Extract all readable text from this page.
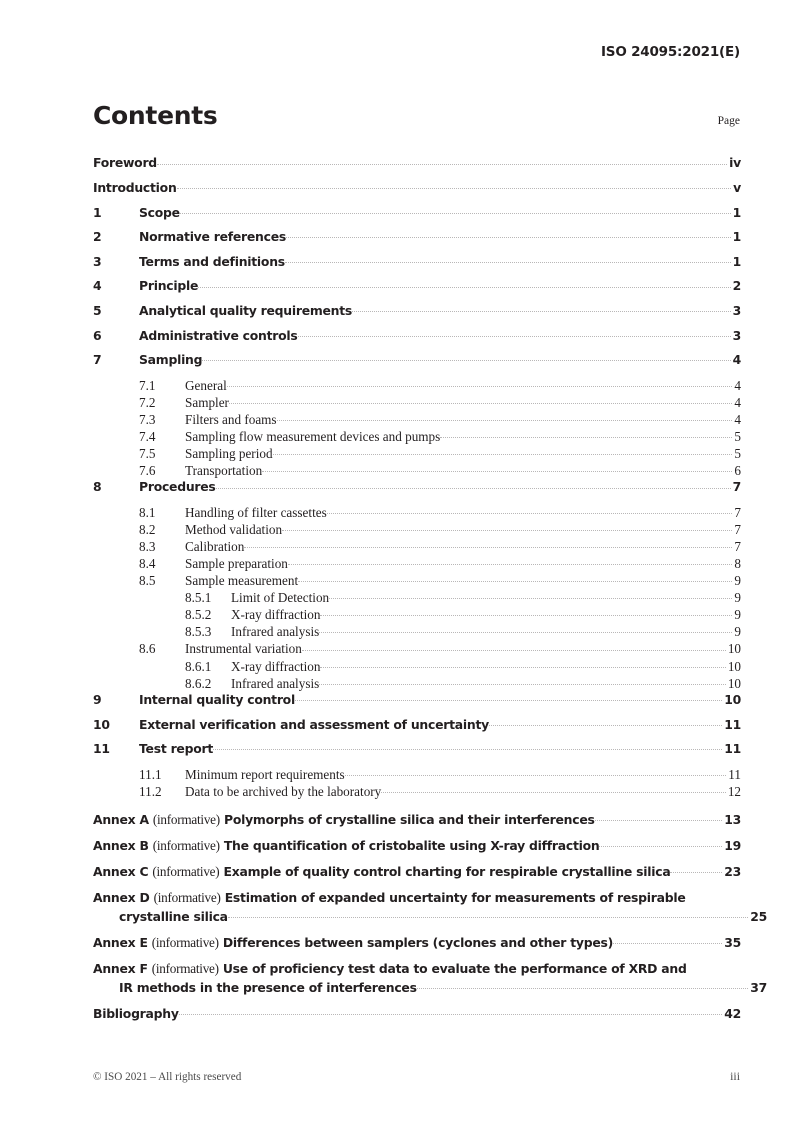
ISO 24095:2021(E)
Contents	Page
Foreword	iv
Introduction	v
1	Scope	1
2	Normative references	1
3	Terms and definitions	1
4	Principle	2
5	Analytical quality requirements	3
6	Administrative controls	3
7	Sampling	4
7.1	General	4
7.2	Sampler	4
7.3	Filters and foams	4
7.4	Sampling flow measurement devices and pumps	5
7.5	Sampling period	5
7.6	Transportation	6
8	Procedures	7
8.1	Handling of filter cassettes	7
8.2	Method validation	7
8.3	Calibration	7
8.4	Sample preparation	8
8.5	Sample measurement	9
8.5.1	Limit of Detection	9
8.5.2	X-ray diffraction	9
8.5.3	Infrared analysis	9
8.6	Instrumental variation	10
8.6.1	X-ray diffraction	10
8.6.2	Infrared analysis	10
9	Internal quality control	10
10	External verification and assessment of uncertainty	11
11	Test report	11
11.1	Minimum report requirements	11
11.2	Data to be archived by the laboratory	12
Annex A (informative) Polymorphs of crystalline silica and their interferences	13
Annex B (informative) The quantification of cristobalite using X-ray diffraction	19
Annex C (informative) Example of quality control charting for respirable crystalline silica	23
Annex D (informative) Estimation of expanded uncertainty for measurements of respirable
crystalline silica	25
Annex E (informative) Differences between samplers (cyclones and other types)	35
Annex F (informative) Use of proficiency test data to evaluate the performance of XRD and
IR methods in the presence of interferences	37
Bibliography	42
© ISO 2021 – All rights reserved	iii
